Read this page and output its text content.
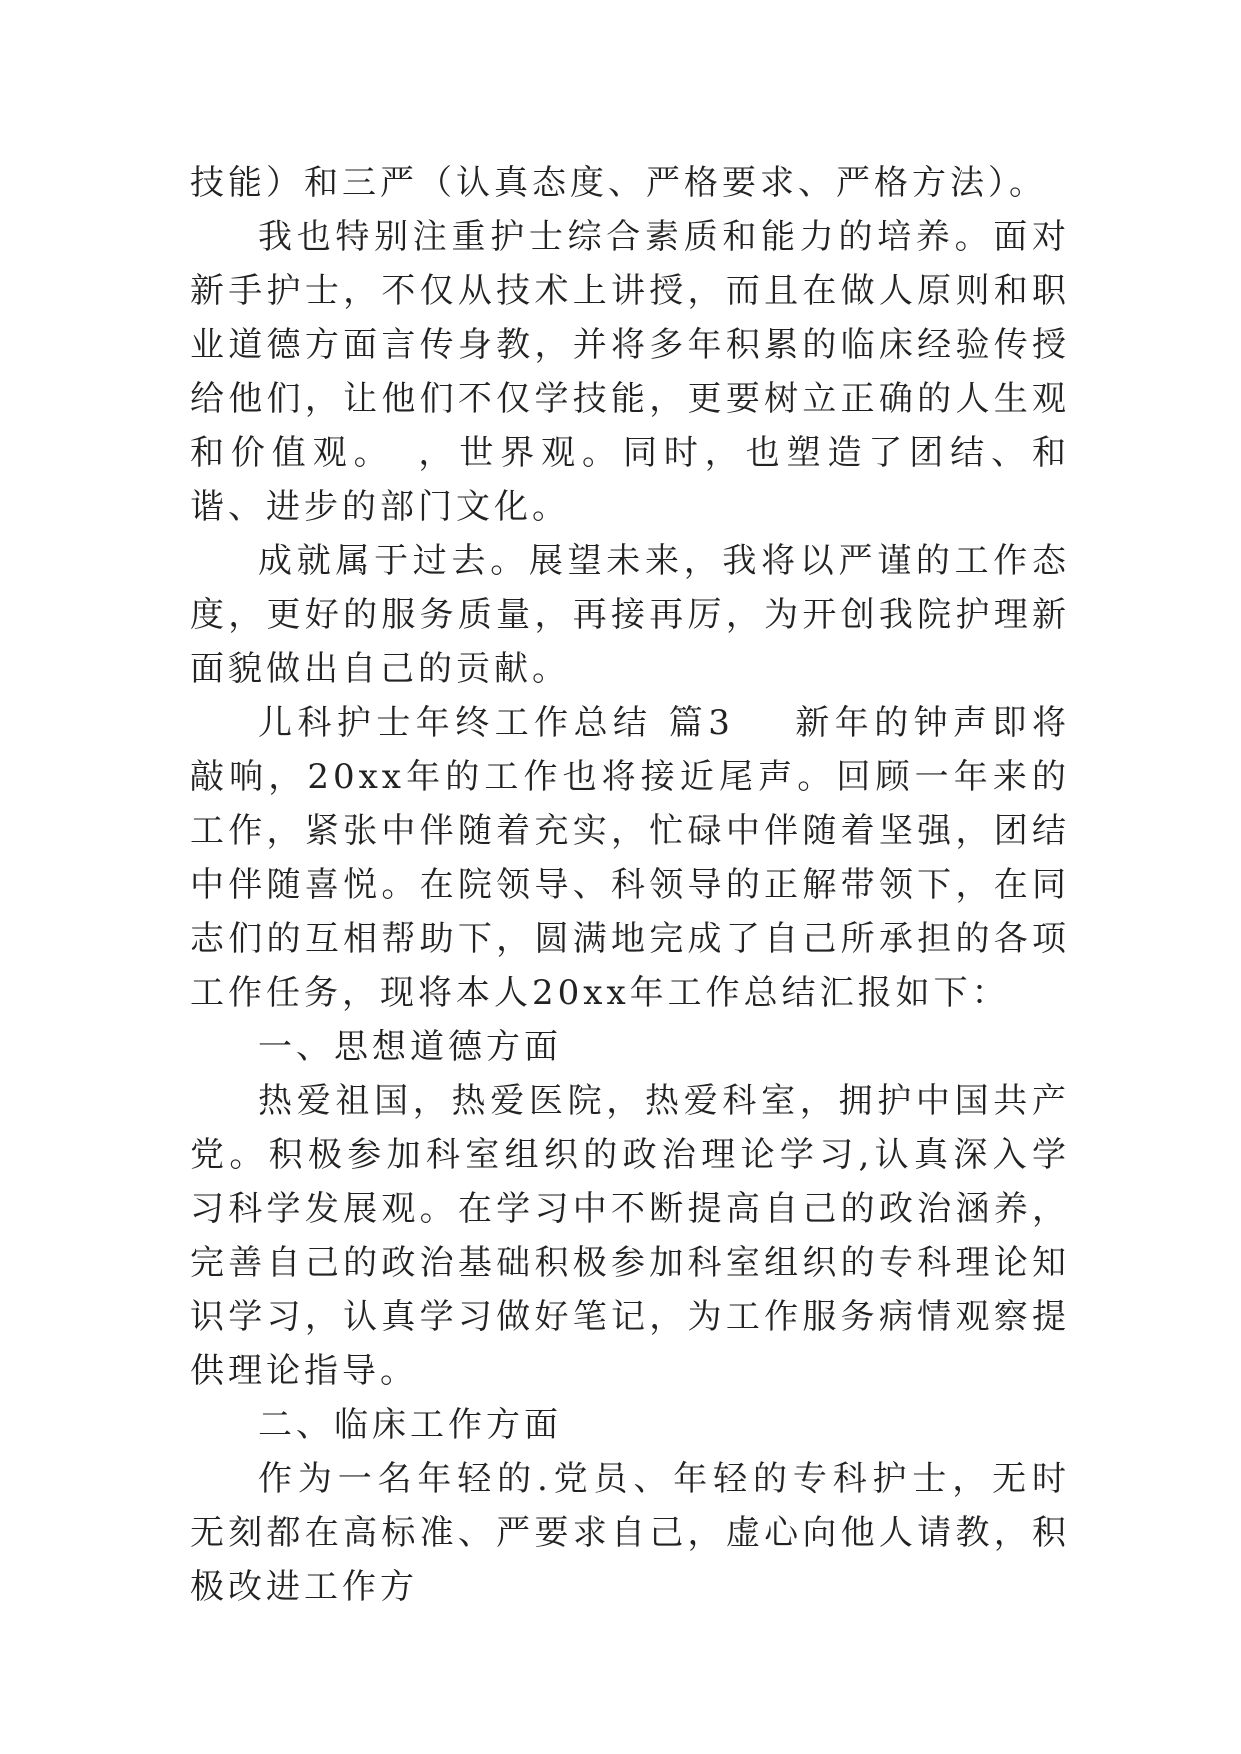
技能）和三严（认真态度、严格要求、严格方法）。

我也特别注重护士综合素质和能力的培养。面对新手护士，不仅从技术上讲授，而且在做人原则和职业道德方面言传身教，并将多年积累的临床经验传授给他们，让他们不仅学技能，更要树立正确的人生观和价值观。　，世界观。同时，也塑造了团结、和谐、进步的部门文化。

成就属于过去。展望未来，我将以严谨的工作态度，更好的服务质量，再接再厉，为开创我院护理新面貌做出自己的贡献。

儿科护士年终工作总结 篇3 新年的钟声即将敲响，20xx年的工作也将接近尾声。回顾一年来的工作，紧张中伴随着充实，忙碌中伴随着坚强，团结中伴随喜悦。在院领导、科领导的正解带领下，在同志们的互相帮助下，圆满地完成了自己所承担的各项工作任务，现将本人20xx年工作总结汇报如下：

一、思想道德方面

热爱祖国，热爱医院，热爱科室，拥护中国共产党。积极参加科室组织的政治理论学习,认真深入学习科学发展观。在学习中不断提高自己的政治涵养，完善自己的政治基础积极参加科室组织的专科理论知识学习，认真学习做好笔记，为工作服务病情观察提供理论指导。

二、临床工作方面

作为一名年轻的.党员、年轻的专科护士，无时无刻都在高标准、严要求自己，虚心向他人请教，积极改进工作方
